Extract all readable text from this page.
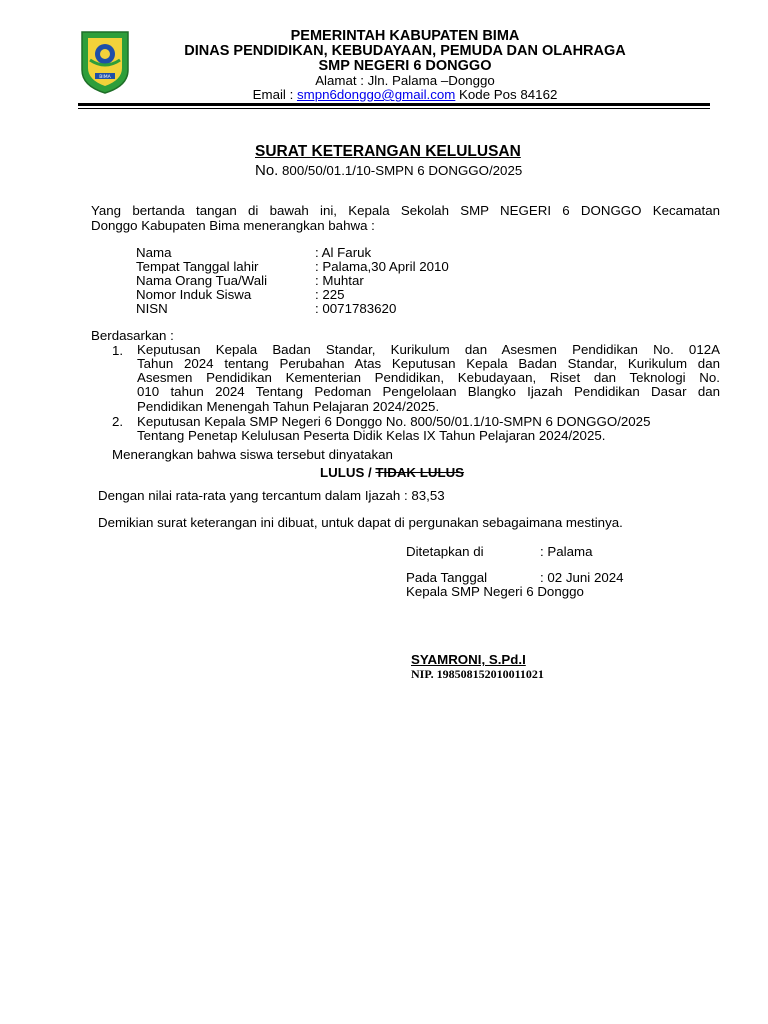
BIMA
PEMERINTAH KABUPATEN BIMA
DINAS PENDIDIKAN, KEBUDAYAAN, PEMUDA DAN OLAHRAGA
SMP NEGERI 6 DONGGO
Alamat : Jln. Palama –Donggo
Email : smpn6donggo@gmail.com Kode Pos 84162
SURAT KETERANGAN KELULUSAN
No. 800/50/01.1/10-SMPN 6 DONGGO/2025
Yang bertanda tangan di bawah ini, Kepala Sekolah SMP NEGERI 6 DONGGO Kecamatan
Donggo Kabupaten Bima menerangkan bahwa :
Nama	: Al Faruk
Tempat Tanggal lahir	: Palama,30 April 2010
Nama Orang Tua/Wali	: Muhtar
Nomor Induk Siswa	: 225
NISN	: 0071783620
Berdasarkan :
1. Keputusan Kepala Badan Standar, Kurikulum dan Asesmen Pendidikan No. 012A
Tahun 2024 tentang Perubahan Atas Keputusan Kepala Badan Standar, Kurikulum dan
Asesmen Pendidikan Kementerian Pendidikan, Kebudayaan, Riset dan Teknologi No.
010 tahun 2024 Tentang Pedoman Pengelolaan Blangko Ijazah Pendidikan Dasar dan
Pendidikan Menengah Tahun Pelajaran 2024/2025.
2. Keputusan Kepala SMP Negeri 6 Donggo No. 800/50/01.1/10-SMPN 6 DONGGO/2025
Tentang Penetap Kelulusan Peserta Didik Kelas IX Tahun Pelajaran 2024/2025.
Menerangkan bahwa siswa tersebut dinyatakan
LULUS / TIDAK LULUS
Dengan nilai rata-rata yang tercantum dalam Ijazah : 83,53
Demikian surat keterangan ini dibuat, untuk dapat di pergunakan sebagaimana mestinya.
Ditetapkan di	: Palama
Pada Tanggal	: 02 Juni 2024
Kepala SMP Negeri 6 Donggo
SYAMRONI, S.Pd.I
NIP. 198508152010011021
